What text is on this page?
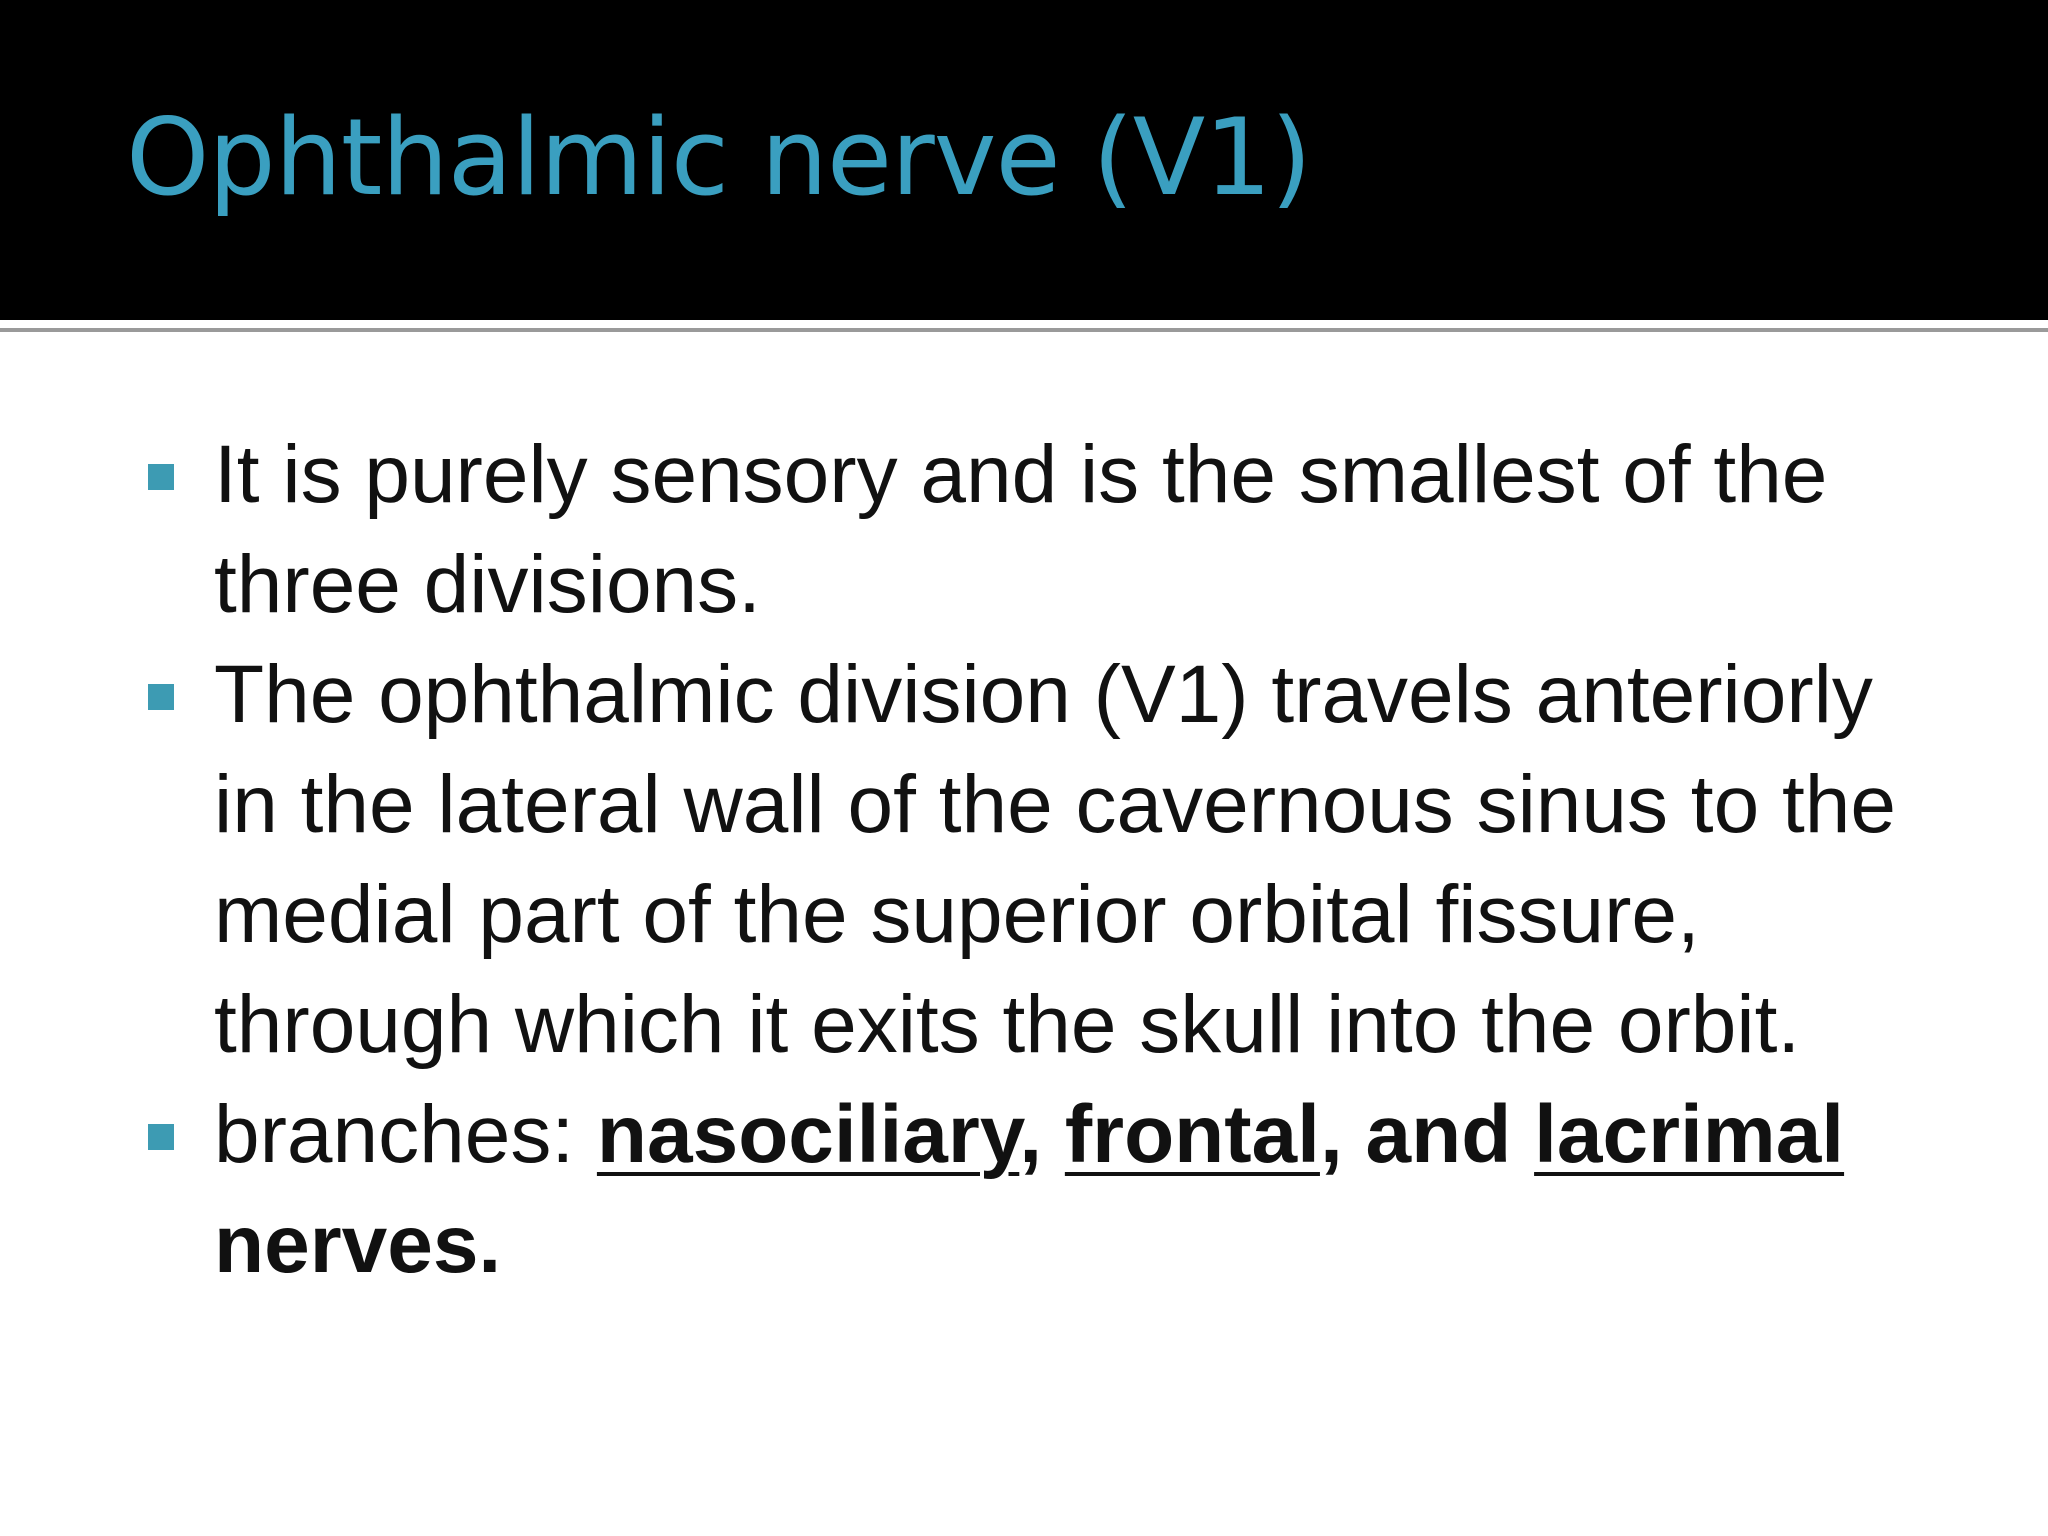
Ophthalmic nerve (V1)
It is purely sensory and is the smallest of the three divisions.
The ophthalmic division (V1) travels anteriorly in the lateral wall of the cavernous sinus to the medial part of the superior orbital fissure, through which it exits the skull into the orbit.
branches: nasociliary, frontal, and lacrimal nerves.
